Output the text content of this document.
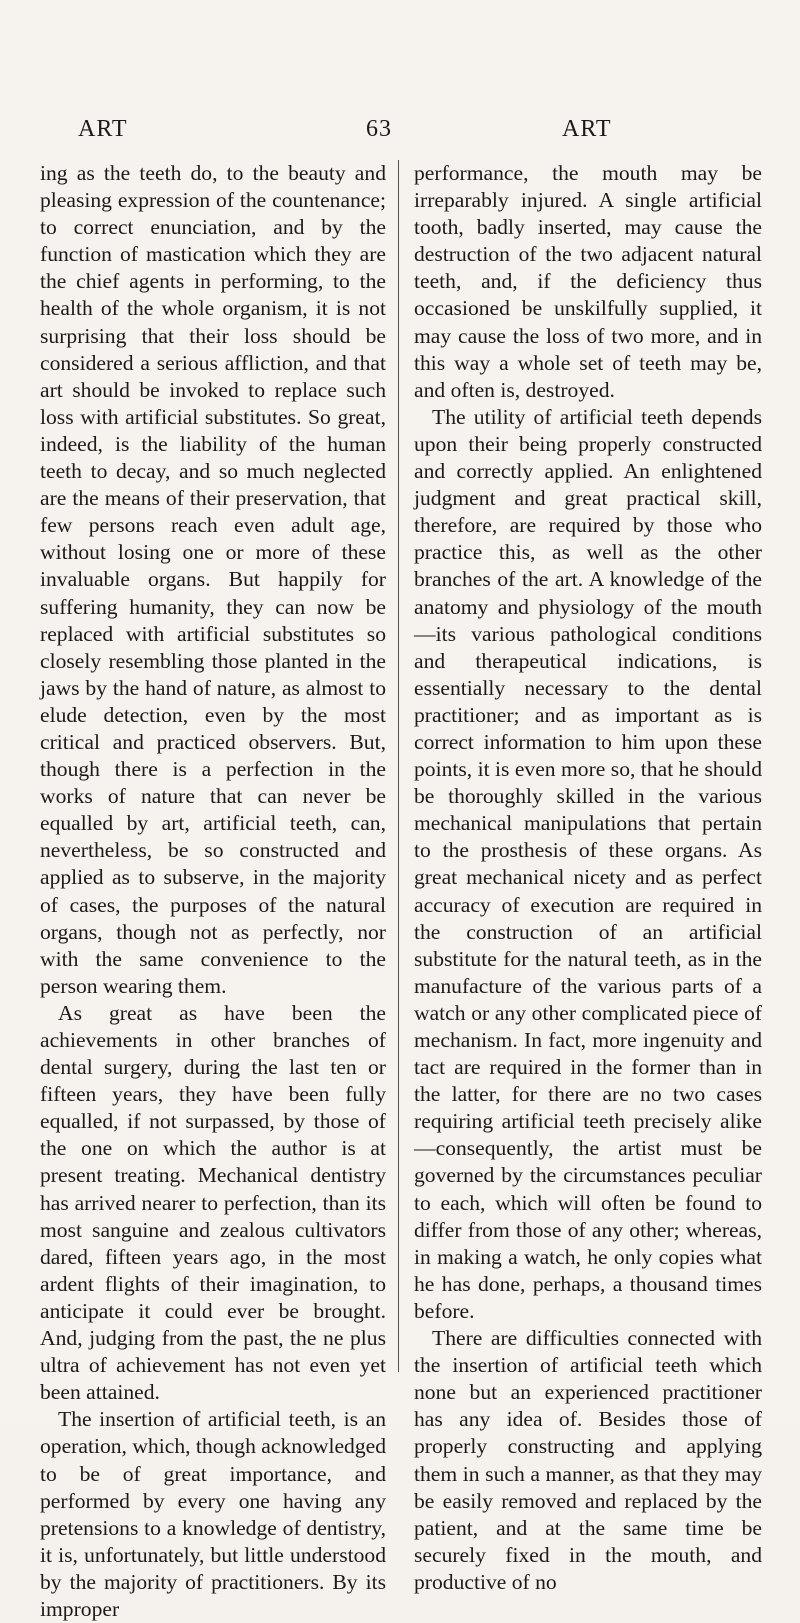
ART	63	ART

ing as the teeth do, to the beauty and pleasing expression of the countenance; to correct enunciation, and by the function of mastication which they are the chief agents in performing, to the health of the whole organism, it is not surprising that their loss should be considered a serious affliction, and that art should be invoked to replace such loss with artificial substitutes. So great, indeed, is the liability of the human teeth to decay, and so much neglected are the means of their preservation, that few persons reach even adult age, without losing one or more of these invaluable organs. But happily for suffering humanity, they can now be replaced with artificial substitutes so closely resembling those planted in the jaws by the hand of nature, as almost to elude detection, even by the most critical and practiced observers. But, though there is a perfection in the works of nature that can never be equalled by art, artificial teeth, can, nevertheless, be so constructed and applied as to subserve, in the majority of cases, the purposes of the natural organs, though not as perfectly, nor with the same convenience to the person wearing them.

As great as have been the achievements in other branches of dental surgery, during the last ten or fifteen years, they have been fully equalled, if not surpassed, by those of the one on which the author is at present treating. Mechanical dentistry has arrived nearer to perfection, than its most sanguine and zealous cultivators dared, fifteen years ago, in the most ardent flights of their imagination, to anticipate it could ever be brought. And, judging from the past, the ne plus ultra of achievement has not even yet been attained.

The insertion of artificial teeth, is an operation, which, though acknowledged to be of great importance, and performed by every one having any pretensions to a knowledge of dentistry, it is, unfortunately, but little understood by the majority of practitioners. By its improper

performance, the mouth may be irreparably injured. A single artificial tooth, badly inserted, may cause the destruction of the two adjacent natural teeth, and, if the deficiency thus occasioned be unskilfully supplied, it may cause the loss of two more, and in this way a whole set of teeth may be, and often is, destroyed.

The utility of artificial teeth depends upon their being properly constructed and correctly applied. An enlightened judgment and great practical skill, therefore, are required by those who practice this, as well as the other branches of the art. A knowledge of the anatomy and physiology of the mouth—its various pathological conditions and therapeutical indications, is essentially necessary to the dental practitioner; and as important as is correct information to him upon these points, it is even more so, that he should be thoroughly skilled in the various mechanical manipulations that pertain to the prosthesis of these organs. As great mechanical nicety and as perfect accuracy of execution are required in the construction of an artificial substitute for the natural teeth, as in the manufacture of the various parts of a watch or any other complicated piece of mechanism. In fact, more ingenuity and tact are required in the former than in the latter, for there are no two cases requiring artificial teeth precisely alike—consequently, the artist must be governed by the circumstances peculiar to each, which will often be found to differ from those of any other; whereas, in making a watch, he only copies what he has done, perhaps, a thousand times before.

There are difficulties connected with the insertion of artificial teeth which none but an experienced practitioner has any idea of. Besides those of properly constructing and applying them in such a manner, as that they may be easily removed and replaced by the patient, and at the same time be securely fixed in the mouth, and productive of no
